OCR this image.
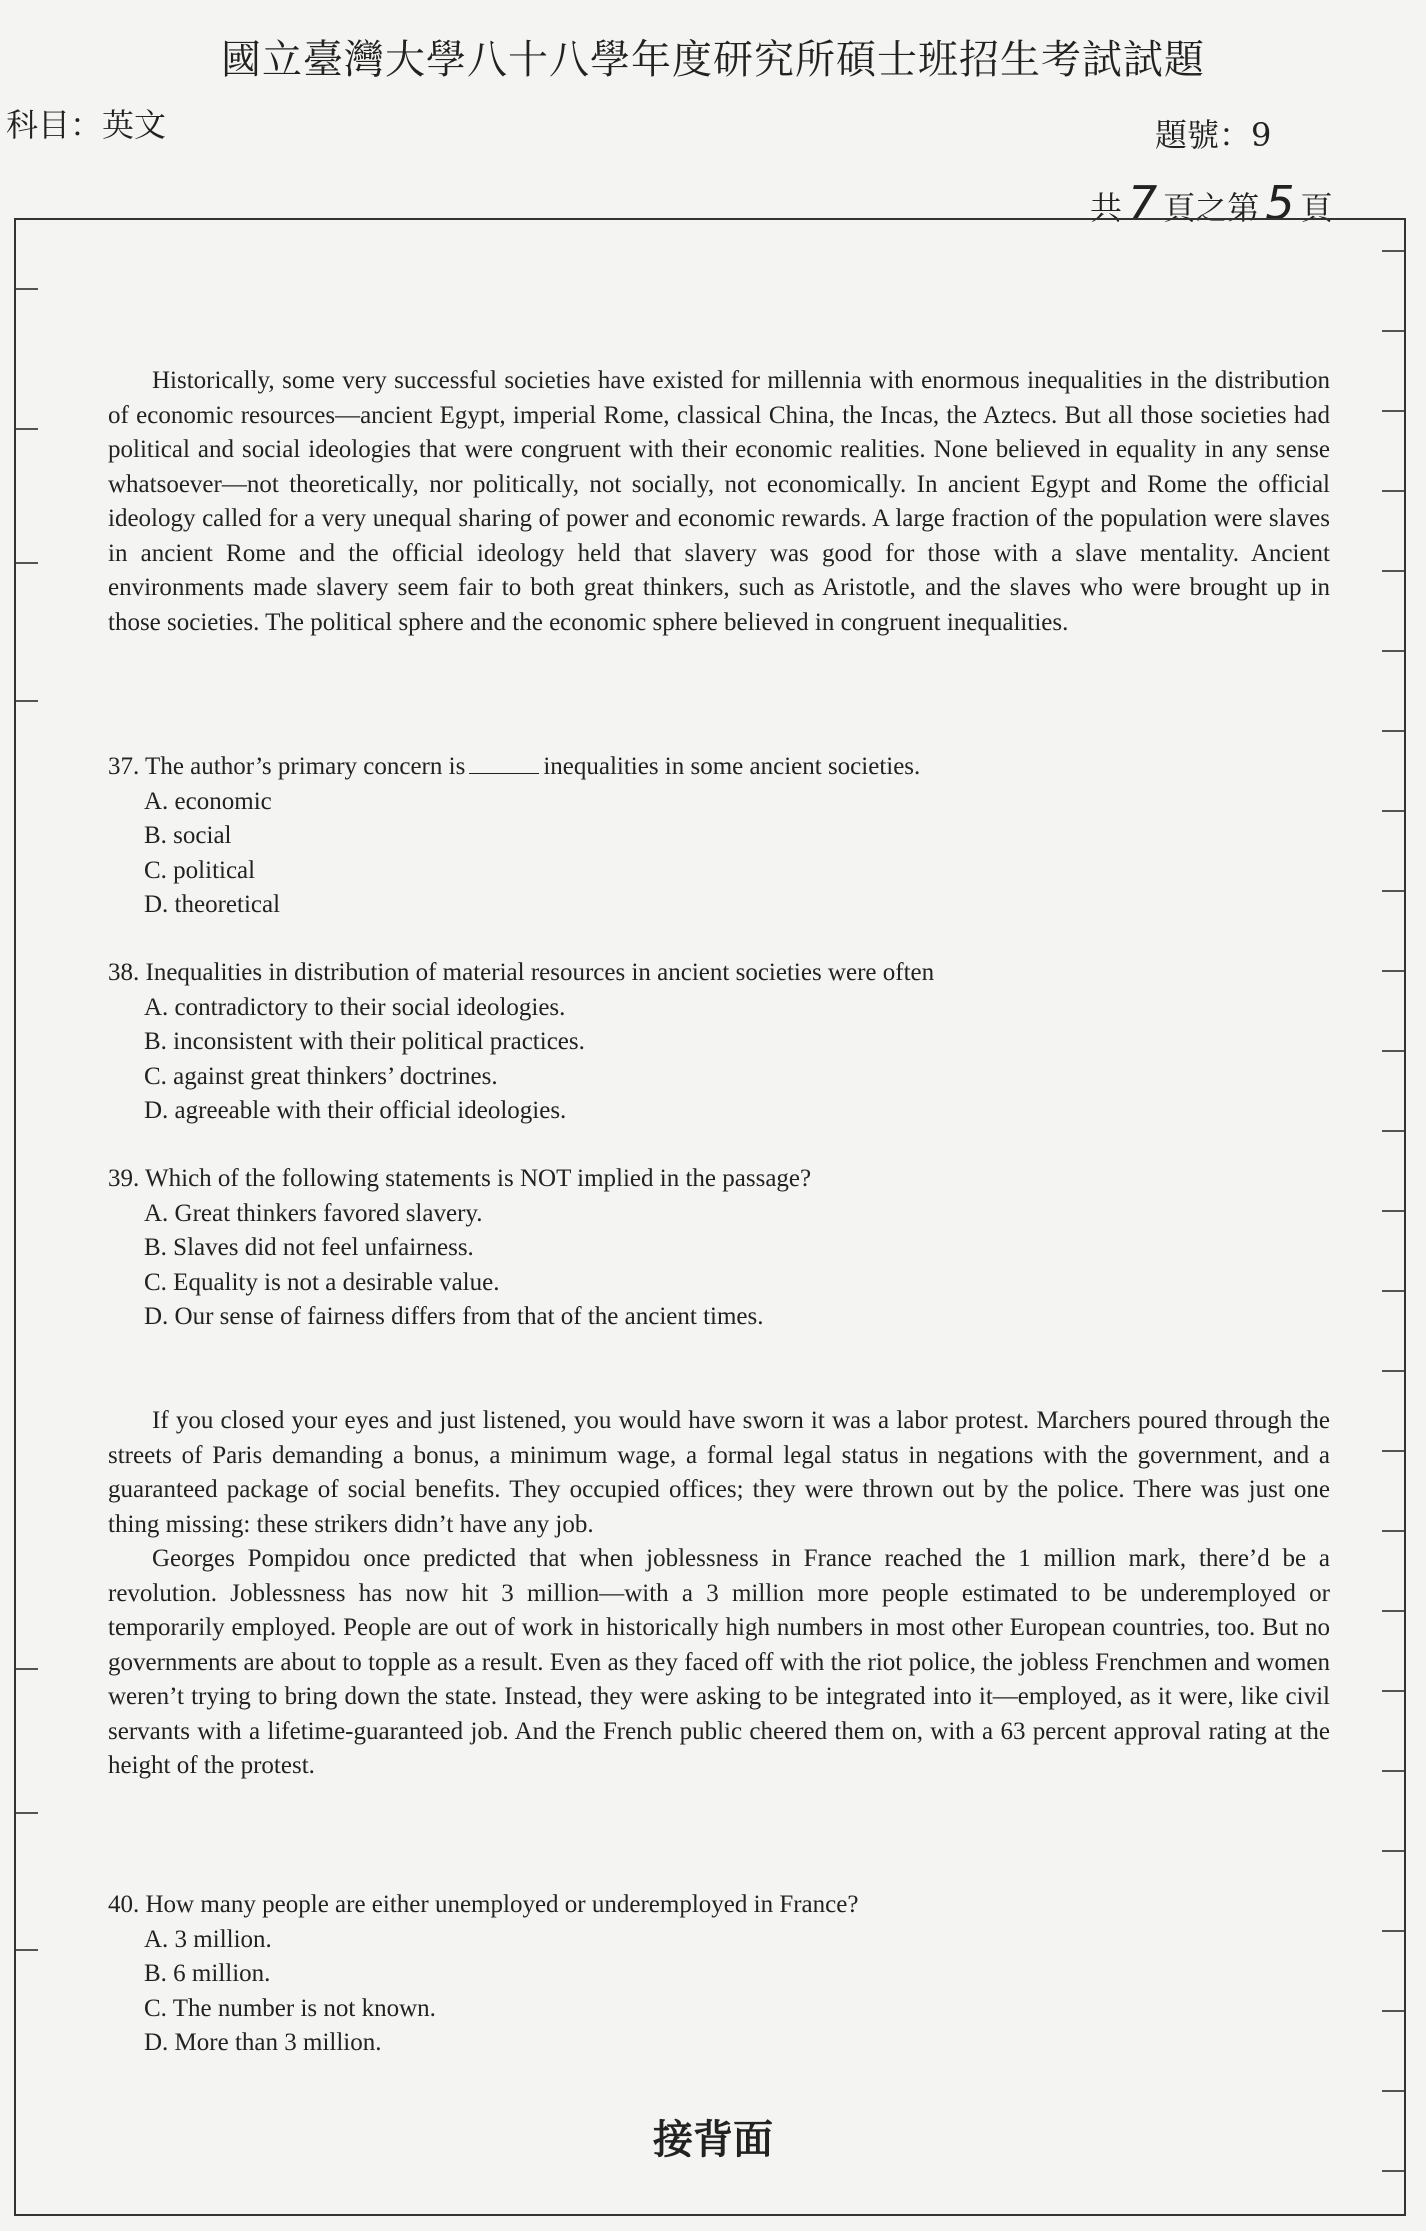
國立臺灣大學八十八學年度研究所碩士班招生考試試題
科目：英文	題號：9
共 7 頁之第 5 頁

Historically, some very successful societies have existed for millennia with enormous inequalities in the distribution of economic resources—ancient Egypt, imperial Rome, classical China, the Incas, the Aztecs. But all those societies had political and social ideologies that were congruent with their economic realities. None believed in equality in any sense whatsoever—not theoretically, nor politically, not socially, not economically. In ancient Egypt and Rome the official ideology called for a very unequal sharing of power and economic rewards. A large fraction of the population were slaves in ancient Rome and the official ideology held that slavery was good for those with a slave mentality. Ancient environments made slavery seem fair to both great thinkers, such as Aristotle, and the slaves who were brought up in those societies. The political sphere and the economic sphere believed in congruent inequalities.

37. The author’s primary concern is	inequalities in some ancient societies.

A. economic

B. social

C. political

D. theoretical

38. Inequalities in distribution of material resources in ancient societies were often

A. contradictory to their social ideologies.

B. inconsistent with their political practices.

C. against great thinkers’ doctrines.

D. agreeable with their official ideologies.

39. Which of the following statements is NOT implied in the passage?

A. Great thinkers favored slavery.

B. Slaves did not feel unfairness.

C. Equality is not a desirable value.

D. Our sense of fairness differs from that of the ancient times.

If you closed your eyes and just listened, you would have sworn it was a labor protest. Marchers poured through the streets of Paris demanding a bonus, a minimum wage, a formal legal status in negations with the government, and a guaranteed package of social benefits. They occupied offices; they were thrown out by the police. There was just one thing missing: these strikers didn’t have any job.

Georges Pompidou once predicted that when joblessness in France reached the 1 million mark, there’d be a revolution. Joblessness has now hit 3 million—with a 3 million more people estimated to be underemployed or temporarily employed. People are out of work in historically high numbers in most other European countries, too. But no governments are about to topple as a result. Even as they faced off with the riot police, the jobless Frenchmen and women weren’t trying to bring down the state. Instead, they were asking to be integrated into it—employed, as it were, like civil servants with a lifetime-guaranteed job. And the French public cheered them on, with a 63 percent approval rating at the height of the protest.

40. How many people are either unemployed or underemployed in France?

A. 3 million.

B. 6 million.

C. The number is not known.

D. More than 3 million.

接背面
